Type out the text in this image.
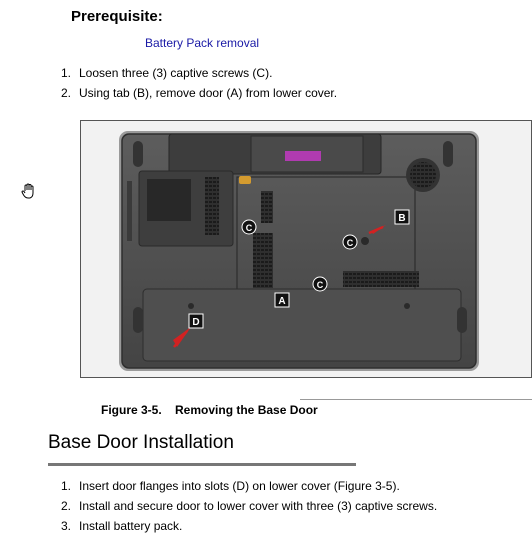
Prerequisite:
Battery Pack removal
1. Loosen three (3) captive screws (C).
2. Using tab (B), remove door (A) from lower cover.
A
B
C
C
C
D
Figure 3-5.    Removing the Base Door
Base Door Installation
1. Insert door flanges into slots (D) on lower cover (Figure 3-5).
2. Install and secure door to lower cover with three (3) captive screws.
3. Install battery pack.
